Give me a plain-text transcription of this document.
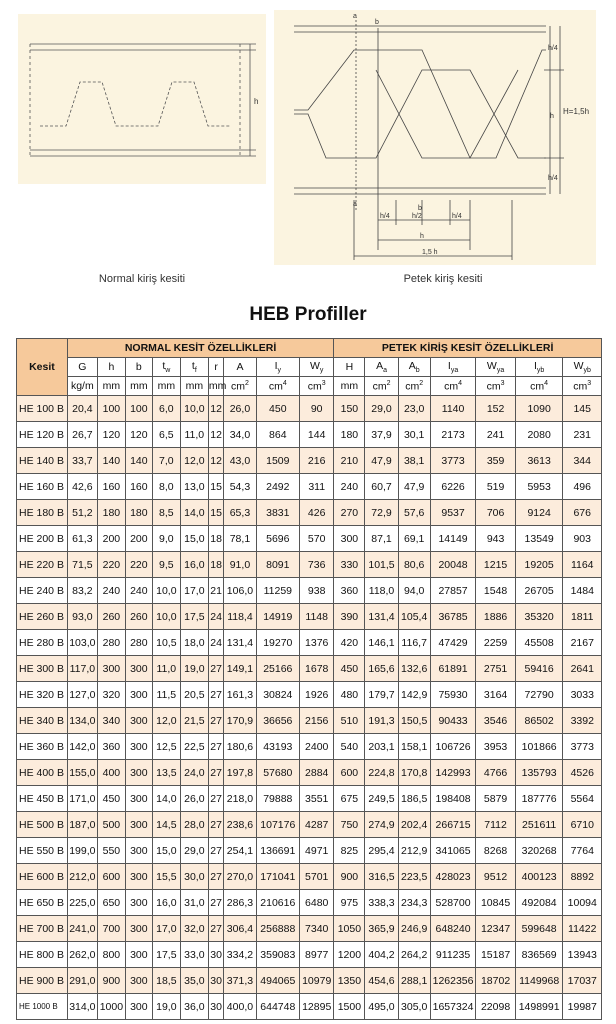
h
a
b
a
b
h/4
h
H=1,5h
h/4
h/4	h/2	h/4
h
1,5 h
Normal kiriş kesiti	Petek kiriş kesiti
HEB Profiller
Kesit	NORMAL KESİT ÖZELLİKLERİ									PETEK KİRİŞ KESİT ÖZELLİKLERİ						
	G	h	b	$t_w$	$t_f$	r	A	$I_y$	$W_y$	H	$A_a$	$A_b$	$I_{ya}$	$W_{ya}$	$I_{yb}$	$W_{yb}$
	kg/m	mm	mm	mm	mm	mm	$cm^2$	$cm^4$	$cm^3$	mm	$cm^2$	$cm^2$	$cm^4$	$cm^3$	$cm^4$	$cm^3$
HE 100 B	20,4	100	100	6,0	10,0	12	26,0	450	90	150	29,0	23,0	1140	152	1090	145
HE 120 B	26,7	120	120	6,5	11,0	12	34,0	864	144	180	37,9	30,1	2173	241	2080	231
HE 140 B	33,7	140	140	7,0	12,0	12	43,0	1509	216	210	47,9	38,1	3773	359	3613	344
HE 160 B	42,6	160	160	8,0	13,0	15	54,3	2492	311	240	60,7	47,9	6226	519	5953	496
HE 180 B	51,2	180	180	8,5	14,0	15	65,3	3831	426	270	72,9	57,6	9537	706	9124	676
HE 200 B	61,3	200	200	9,0	15,0	18	78,1	5696	570	300	87,1	69,1	14149	943	13549	903
HE 220 B	71,5	220	220	9,5	16,0	18	91,0	8091	736	330	101,5	80,6	20048	1215	19205	1164
HE 240 B	83,2	240	240	10,0	17,0	21	106,0	11259	938	360	118,0	94,0	27857	1548	26705	1484
HE 260 B	93,0	260	260	10,0	17,5	24	118,4	14919	1148	390	131,4	105,4	36785	1886	35320	1811
HE 280 B	103,0	280	280	10,5	18,0	24	131,4	19270	1376	420	146,1	116,7	47429	2259	45508	2167
HE 300 B	117,0	300	300	11,0	19,0	27	149,1	25166	1678	450	165,6	132,6	61891	2751	59416	2641
HE 320 B	127,0	320	300	11,5	20,5	27	161,3	30824	1926	480	179,7	142,9	75930	3164	72790	3033
HE 340 B	134,0	340	300	12,0	21,5	27	170,9	36656	2156	510	191,3	150,5	90433	3546	86502	3392
HE 360 B	142,0	360	300	12,5	22,5	27	180,6	43193	2400	540	203,1	158,1	106726	3953	101866	3773
HE 400 B	155,0	400	300	13,5	24,0	27	197,8	57680	2884	600	224,8	170,8	142993	4766	135793	4526
HE 450 B	171,0	450	300	14,0	26,0	27	218,0	79888	3551	675	249,5	186,5	198408	5879	187776	5564
HE 500 B	187,0	500	300	14,5	28,0	27	238,6	107176	4287	750	274,9	202,4	266715	7112	251611	6710
HE 550 B	199,0	550	300	15,0	29,0	27	254,1	136691	4971	825	295,4	212,9	341065	8268	320268	7764
HE 600 B	212,0	600	300	15,5	30,0	27	270,0	171041	5701	900	316,5	223,5	428023	9512	400123	8892
HE 650 B	225,0	650	300	16,0	31,0	27	286,3	210616	6480	975	338,3	234,3	528700	10845	492084	10094
HE 700 B	241,0	700	300	17,0	32,0	27	306,4	256888	7340	1050	365,9	246,9	648240	12347	599648	11422
HE 800 B	262,0	800	300	17,5	33,0	30	334,2	359083	8977	1200	404,2	264,2	911235	15187	836569	13943
HE 900 B	291,0	900	300	18,5	35,0	30	371,3	494065	10979	1350	454,6	288,1	1262356	18702	1149968	17037
HE 1000 B	314,0	1000	300	19,0	36,0	30	400,0	644748	12895	1500	495,0	305,0	1657324	22098	1498991	19987
